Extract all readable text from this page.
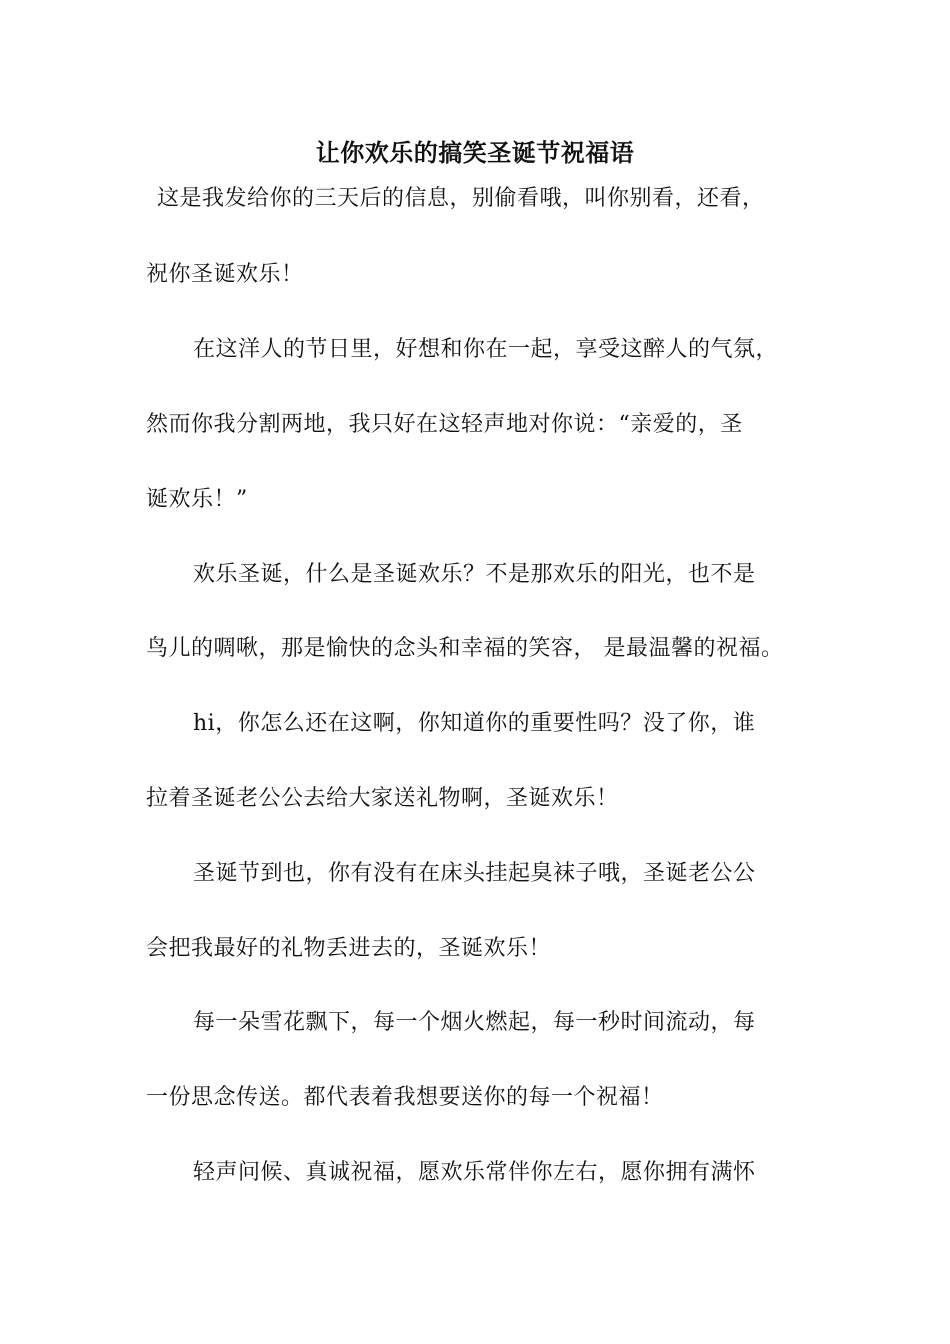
让你欢乐的搞笑圣诞节祝福语
这是我发给你的三天后的信息，别偷看哦，叫你别看，还看，
祝你圣诞欢乐！
在这洋人的节日里，好想和你在一起，享受这醉人的气氛，
然而你我分割两地，我只好在这轻声地对你说：“亲爱的，圣
诞欢乐！”
欢乐圣诞，什么是圣诞欢乐？不是那欢乐的阳光，也不是
鸟儿的啁啾，那是愉快的念头和幸福的笑容， 是最温馨的祝福。
hi，你怎么还在这啊，你知道你的重要性吗？没了你，谁
拉着圣诞老公公去给大家送礼物啊，圣诞欢乐！
圣诞节到也，你有没有在床头挂起臭袜子哦，圣诞老公公
会把我最好的礼物丢进去的，圣诞欢乐！
每一朵雪花飘下，每一个烟火燃起，每一秒时间流动，每
一份思念传送。都代表着我想要送你的每一个祝福！
轻声问候、真诚祝福，愿欢乐常伴你左右，愿你拥有满怀
